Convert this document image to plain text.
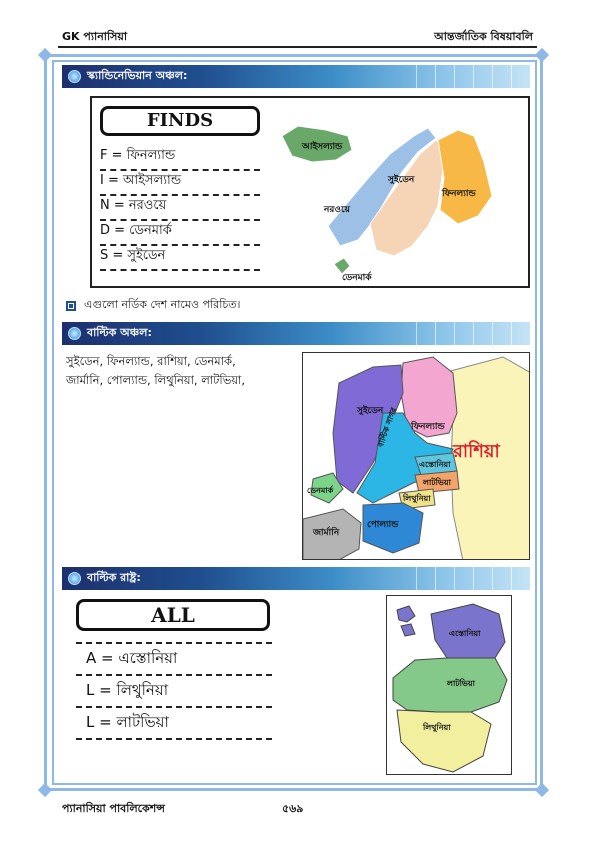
GK প্যানাসিয়া	আন্তর্জাতিক বিষয়াবলি
স্ক্যান্ডিনেভিয়ান অঞ্চল:
FINDS
F = ফিনল্যান্ড
I = আইসল্যান্ড
N = নরওয়ে
D = ডেনমার্ক
S = সুইডেন
আইসল্যান্ড
সুইডেন
নরওয়ে
ফিনল্যান্ড
ডেনমার্ক
এগুলো নর্ডিক দেশ নামেও পরিচিত।
বাল্টিক অঞ্চল:
সুইডেন, ফিনল্যান্ড, রাশিয়া, ডেনমার্ক,
জার্মানি, পোল্যান্ড, লিথুনিয়া, লাটভিয়া,
সুইডেন
ফিনল্যান্ড
রাশিয়া
বাল্টিক সাগর
এস্তোনিয়া
লাটভিয়া
লিথুনিয়া
ডেনমার্ক
পোল্যান্ড
জার্মানি
বাল্টিক রাষ্ট্র:
ALL
A = এস্তোনিয়া
L = লিথুনিয়া
L = লাটভিয়া
এস্তোনিয়া
লাটভিয়া
লিথুনিয়া
প্যানাসিয়া পাবলিকেশন্স	৫৬৯
